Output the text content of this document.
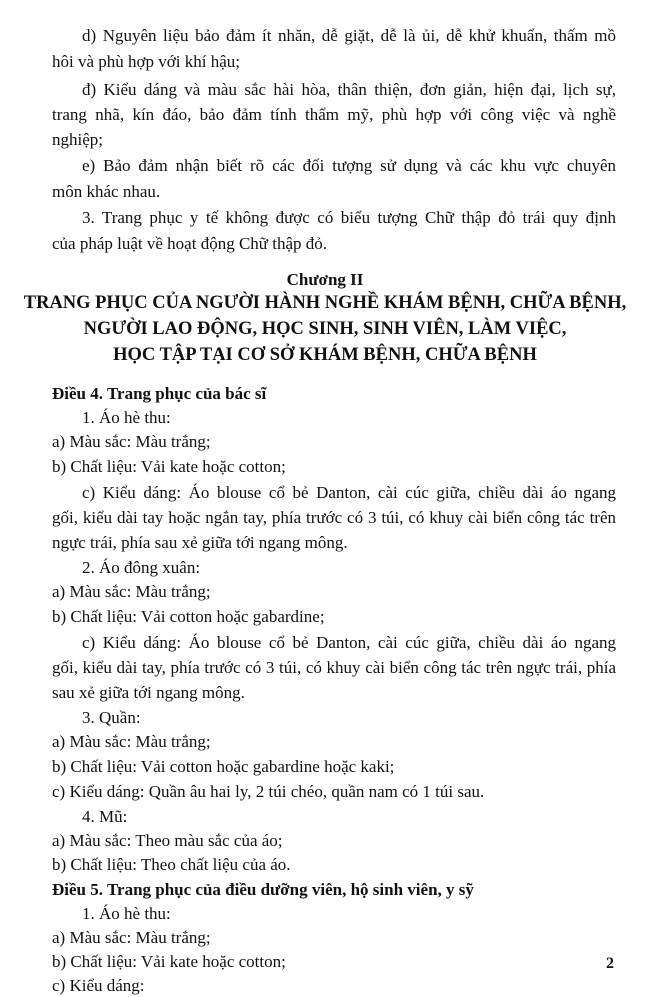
d) Nguyên liệu bảo đảm ít nhăn, dễ giặt, dễ là ủi, dễ khử khuẩn, thấm mồ
hôi và phù hợp với khí hậu;
đ) Kiểu dáng và màu sắc hài hòa, thân thiện, đơn giản, hiện đại, lịch sự,
trang nhã, kín đáo, bảo đảm tính thẩm mỹ, phù hợp với công việc và nghề
nghiệp;
e) Bảo đảm nhận biết rõ các đối tượng sử dụng và các khu vực chuyên
môn khác nhau.
3. Trang phục y tế không được có biểu tượng Chữ thập đỏ trái quy định
của pháp luật về hoạt động Chữ thập đỏ.
Chương II
TRANG PHỤC CỦA NGƯỜI HÀNH NGHỀ KHÁM BỆNH, CHỮA BỆNH,
NGƯỜI LAO ĐỘNG, HỌC SINH, SINH VIÊN, LÀM VIỆC,
HỌC TẬP TẠI CƠ SỞ KHÁM BỆNH, CHỮA BỆNH
Điều 4. Trang phục của bác sĩ
1. Áo hè thu:
a) Màu sắc: Màu trắng;
b) Chất liệu: Vải kate hoặc cotton;
c) Kiểu dáng: Áo blouse cổ bẻ Danton, cài cúc giữa, chiều dài áo ngang
gối, kiểu dài tay hoặc ngắn tay, phía trước có 3 túi, có khuy cài biển công tác trên
ngực trái, phía sau xẻ giữa tới ngang mông.
2. Áo đông xuân:
a) Màu sắc: Màu trắng;
b) Chất liệu: Vải cotton hoặc gabardine;
c) Kiểu dáng: Áo blouse cổ bẻ Danton, cài cúc giữa, chiều dài áo ngang
gối, kiểu dài tay, phía trước có 3 túi, có khuy cài biển công tác trên ngực trái, phía
sau xẻ giữa tới ngang mông.
3. Quần:
a) Màu sắc: Màu trắng;
b) Chất liệu: Vải cotton hoặc gabardine hoặc kaki;
c) Kiểu dáng: Quần âu hai ly, 2 túi chéo, quần nam có 1 túi sau.
4. Mũ:
a) Màu sắc: Theo màu sắc của áo;
b) Chất liệu: Theo chất liệu của áo.
Điều 5. Trang phục của điều dưỡng viên, hộ sinh viên, y sỹ
1. Áo hè thu:
a) Màu sắc: Màu trắng;
b) Chất liệu: Vải kate hoặc cotton;
c) Kiểu dáng:
2
